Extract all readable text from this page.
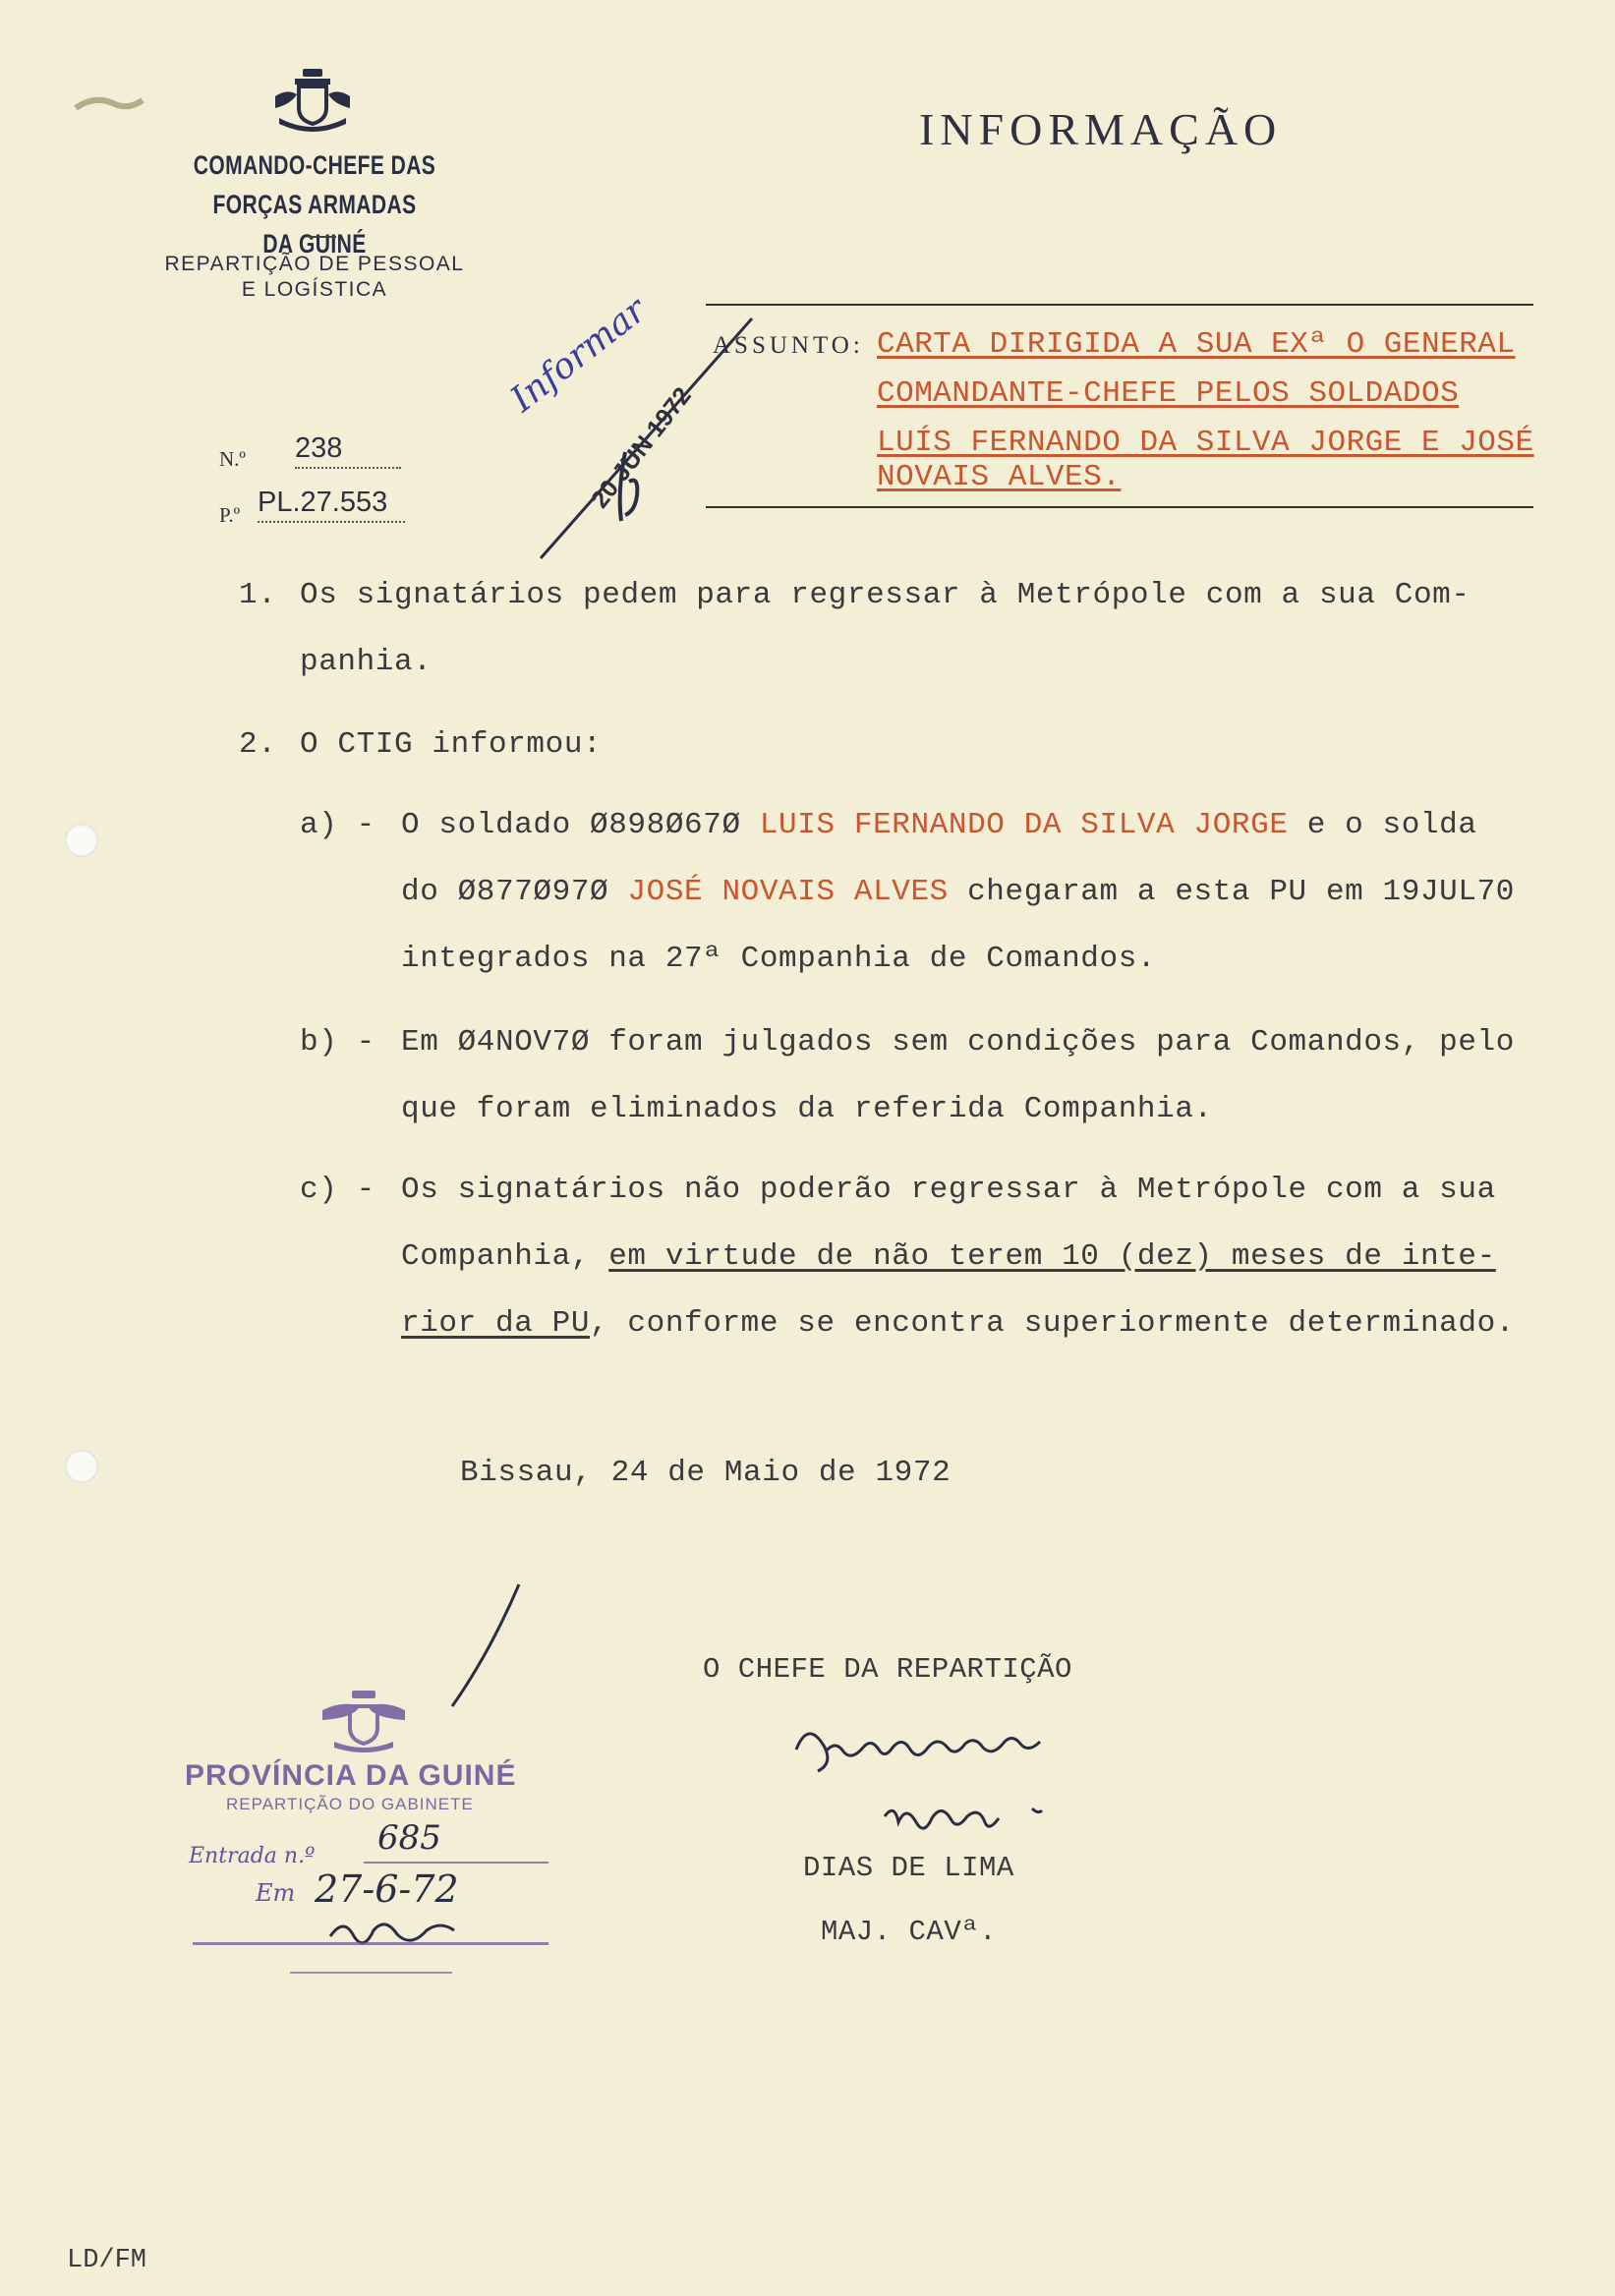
COMANDO-CHEFE DAS FORÇAS ARMADAS
DA GUINÉ
REPARTIÇÃO DE PESSOAL
E LOGÍSTICA
INFORMAÇÃO
ASSUNTO: CARTA DIRIGIDA A SUA EXª O GENERAL
COMANDANTE-CHEFE PELOS SOLDADOS
LUÍS FERNANDO DA SILVA JORGE E JOSÉ
NOVAIS ALVES.
N.º 238
P.º PL.27.553
Informar
20 JUN 1972
1. Os signatários pedem para regressar à Metrópole com a sua Com-
panhia.
2. O CTIG informou:
a) - O soldado Ø898Ø67Ø LUIS FERNANDO DA SILVA JORGE e o solda
do Ø877Ø97Ø JOSÉ NOVAIS ALVES chegaram a esta PU em 19JUL70
integrados na 27ª Companhia de Comandos.
b) - Em Ø4NOV7Ø foram julgados sem condições para Comandos, pelo
que foram eliminados da referida Companhia.
c) - Os signatários não poderão regressar à Metrópole com a sua
Companhia, em virtude de não terem 10 (dez) meses de inte-
rior da PU, conforme se encontra superiormente determinado.
Bissau, 24 de Maio de 1972
O CHEFE DA REPARTIÇÃO
DIAS DE LIMA
MAJ. CAVª.
PROVÍNCIA DA GUINÉ
REPARTIÇÃO DO GABINETE
Entrada n.º 685
Em 27-6-72
LD/FM
